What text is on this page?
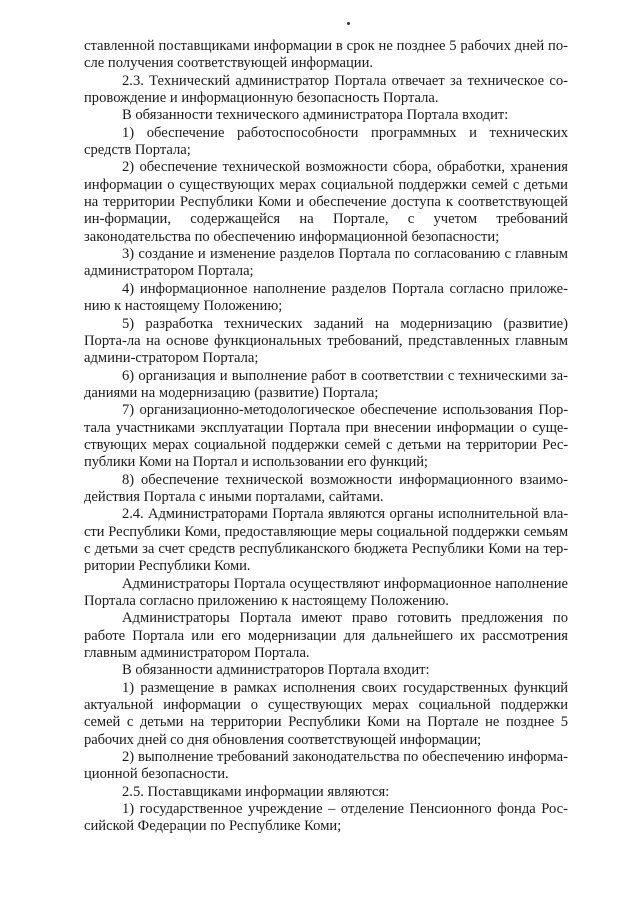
ставленной поставщиками информации в срок не позднее 5 рабочих дней по-сле получения соответствующей информации.

2.3. Технический администратор Портала отвечает за техническое со-провождение и информационную безопасность Портала.

В обязанности технического администратора Портала входит:

1) обеспечение работоспособности программных и технических средств Портала;

2) обеспечение технической возможности сбора, обработки, хранения информации о существующих мерах социальной поддержки семей с детьми на территории Республики Коми и обеспечение доступа к соответствующей ин-формации, содержащейся на Портале, с учетом требований законодательства по обеспечению информационной безопасности;

3) создание и изменение разделов Портала по согласованию с главным администратором Портала;

4) информационное наполнение разделов Портала согласно приложе-нию к настоящему Положению;

5) разработка технических заданий на модернизацию (развитие) Порта-ла на основе функциональных требований, представленных главным админи-стратором Портала;

6) организация и выполнение работ в соответствии с техническими за-даниями на модернизацию (развитие) Портала;

7) организационно-методологическое обеспечение использования Пор-тала участниками эксплуатации Портала при внесении информации о суще-ствующих мерах социальной поддержки семей с детьми на территории Рес-публики Коми на Портал и использовании его функций;

8) обеспечение технической возможности информационного взаимо-действия Портала с иными порталами, сайтами.

2.4. Администраторами Портала являются органы исполнительной вла-сти Республики Коми, предоставляющие меры социальной поддержки семьям с детьми за счет средств республиканского бюджета Республики Коми на тер-ритории Республики Коми.

Администраторы Портала осуществляют информационное наполнение Портала согласно приложению к настоящему Положению.

Администраторы Портала имеют право готовить предложения по работе Портала или его модернизации для дальнейшего их рассмотрения главным администратором Портала.

В обязанности администраторов Портала входит:

1) размещение в рамках исполнения своих государственных функций актуальной информации о существующих мерах социальной поддержки семей с детьми на территории Республики Коми на Портале не позднее 5 рабочих дней со дня обновления соответствующей информации;

2) выполнение требований законодательства по обеспечению информа-ционной безопасности.

2.5. Поставщиками информации являются:

1) государственное учреждение – отделение Пенсионного фонда Рос-сийской Федерации по Республике Коми;
